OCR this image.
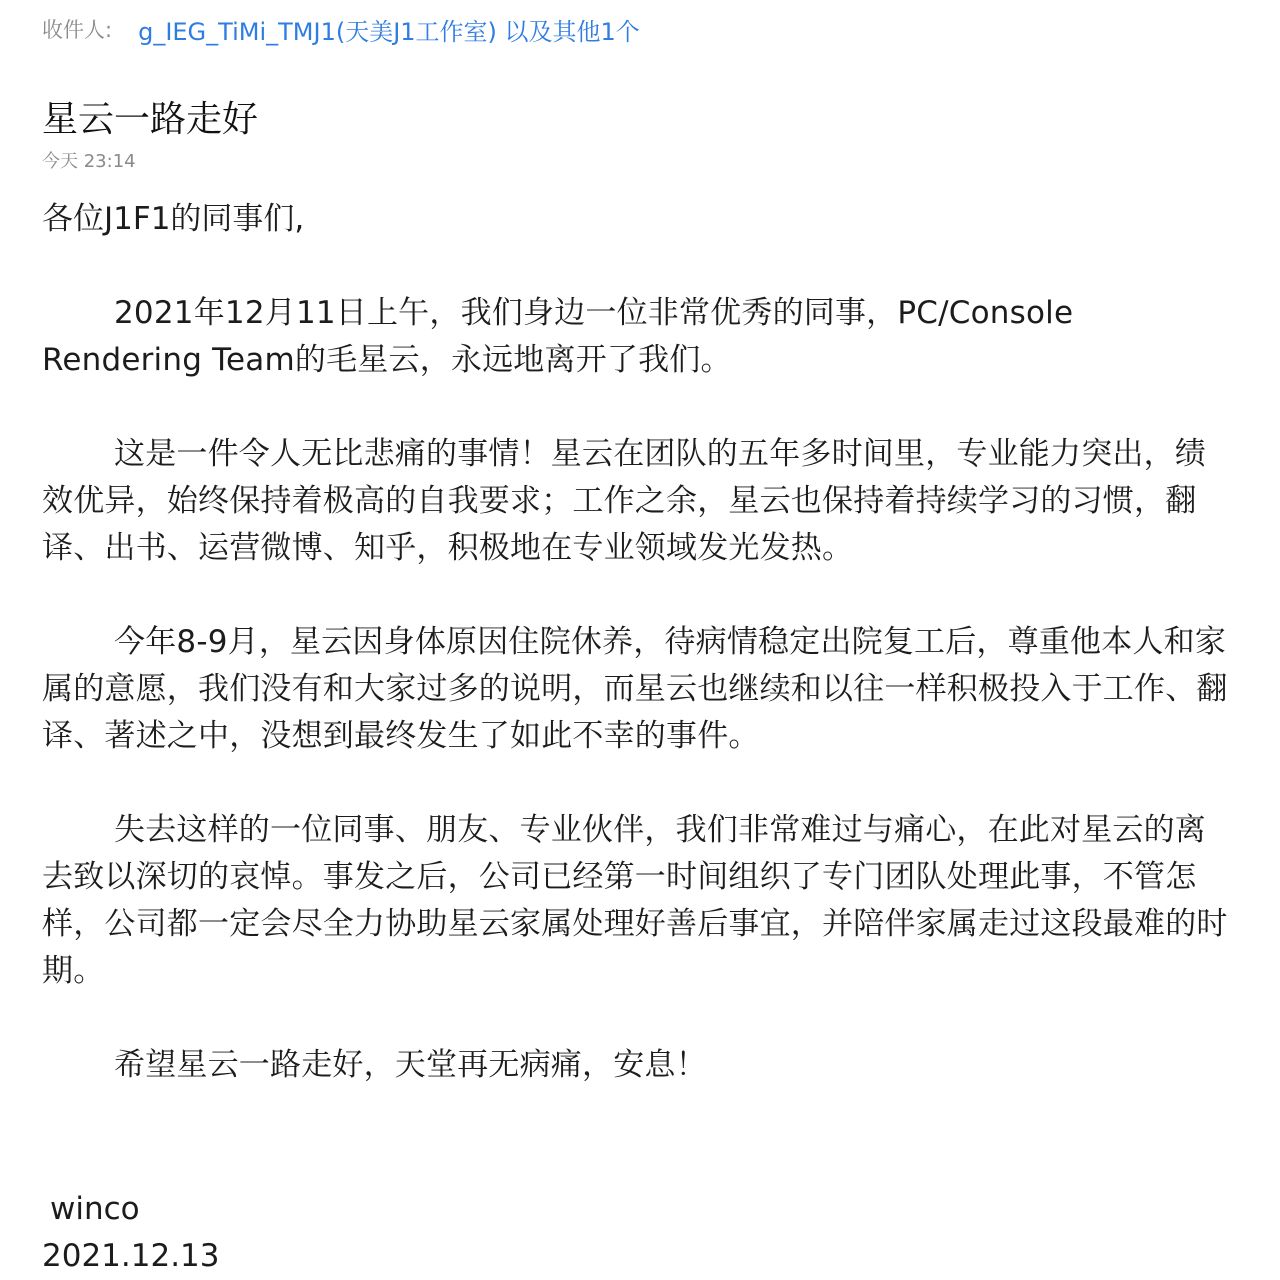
收件人: g_IEG_TiMi_TMJ1(天美J1工作室) 以及其他1个
星云一路走好
今天 23:14

各位J1F1的同事们,

2021年12月11日上午，我们身边一位非常优秀的同事，PC/Console Rendering Team的毛星云，永远地离开了我们。

这是一件令人无比悲痛的事情！星云在团队的五年多时间里，专业能力突出，绩效优异，始终保持着极高的自我要求；工作之余，星云也保持着持续学习的习惯，翻译、出书、运营微博、知乎，积极地在专业领域发光发热。

今年8-9月，星云因身体原因住院休养，待病情稳定出院复工后，尊重他本人和家属的意愿，我们没有和大家过多的说明，而星云也继续和以往一样积极投入于工作、翻译、著述之中，没想到最终发生了如此不幸的事件。

失去这样的一位同事、朋友、专业伙伴，我们非常难过与痛心，在此对星云的离去致以深切的哀悼。事发之后，公司已经第一时间组织了专门团队处理此事，不管怎样，公司都一定会尽全力协助星云家属处理好善后事宜，并陪伴家属走过这段最难的时期。

希望星云一路走好，天堂再无病痛，安息！

winco
2021.12.13
